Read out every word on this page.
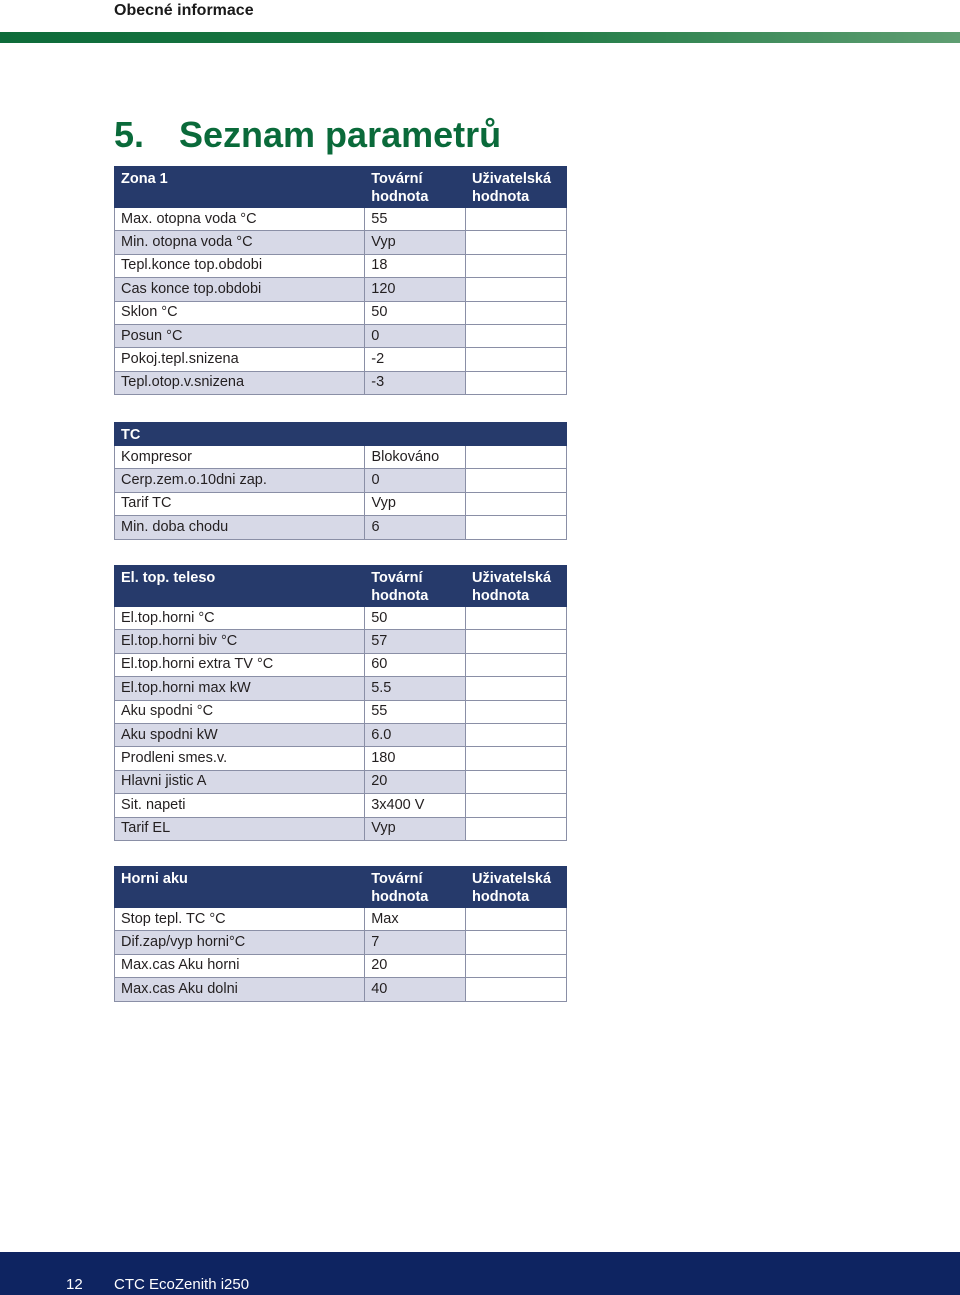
Obecné informace
5. Seznam parametrů
Zona 1	Tovární hodnota	Uživatelská hodnota
Max. otopna voda °C	55	
Min. otopna voda °C	Vyp	
Tepl.konce top.obdobi	18	
Cas konce top.obdobi	120	
Sklon °C	50	
Posun °C	0	
Pokoj.tepl.snizena	-2	
Tepl.otop.v.snizena	-3	
TC		
Kompresor	Blokováno	
Cerp.zem.o.10dni zap.	0	
Tarif TC	Vyp	
Min. doba chodu	6	
El. top. teleso	Tovární hodnota	Uživatelská hodnota
El.top.horni °C	50	
El.top.horni biv °C	57	
El.top.horni extra TV °C	60	
El.top.horni max kW	5.5	
Aku spodni °C	55	
Aku spodni kW	6.0	
Prodleni smes.v.	180	
Hlavni jistic A	20	
Sit. napeti	3x400 V	
Tarif EL	Vyp	
Horni aku	Tovární hodnota	Uživatelská hodnota
Stop tepl. TC °C	Max	
Dif.zap/vyp horni°C	7	
Max.cas Aku horni	20	
Max.cas Aku dolni	40	
12 CTC EcoZenith i250
